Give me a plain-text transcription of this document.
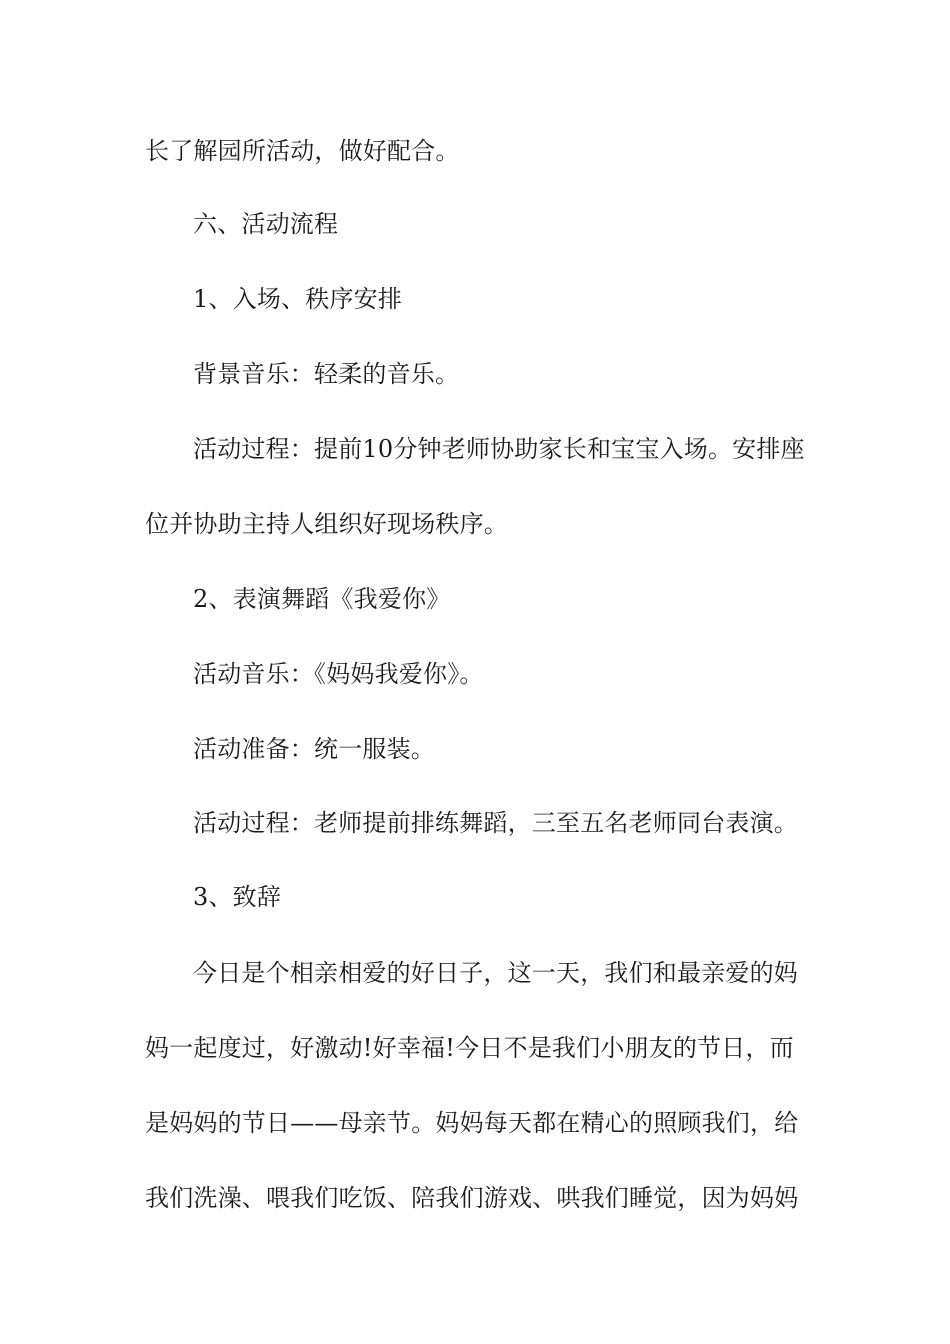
长了解园所活动，做好配合。
六、活动流程
1、入场、秩序安排
背景音乐：轻柔的音乐。
活动过程：提前10分钟老师协助家长和宝宝入场。安排座
位并协助主持人组织好现场秩序。
2、表演舞蹈《我爱你》
活动音乐：《妈妈我爱你》。
活动准备：统一服装。
活动过程：老师提前排练舞蹈，三至五名老师同台表演。
3、致辞
今日是个相亲相爱的好日子，这一天，我们和最亲爱的妈
妈一起度过，好激动!好幸福!今日不是我们小朋友的节日，而
是妈妈的节日——母亲节。妈妈每天都在精心的照顾我们，给
我们洗澡、喂我们吃饭、陪我们游戏、哄我们睡觉，因为妈妈
